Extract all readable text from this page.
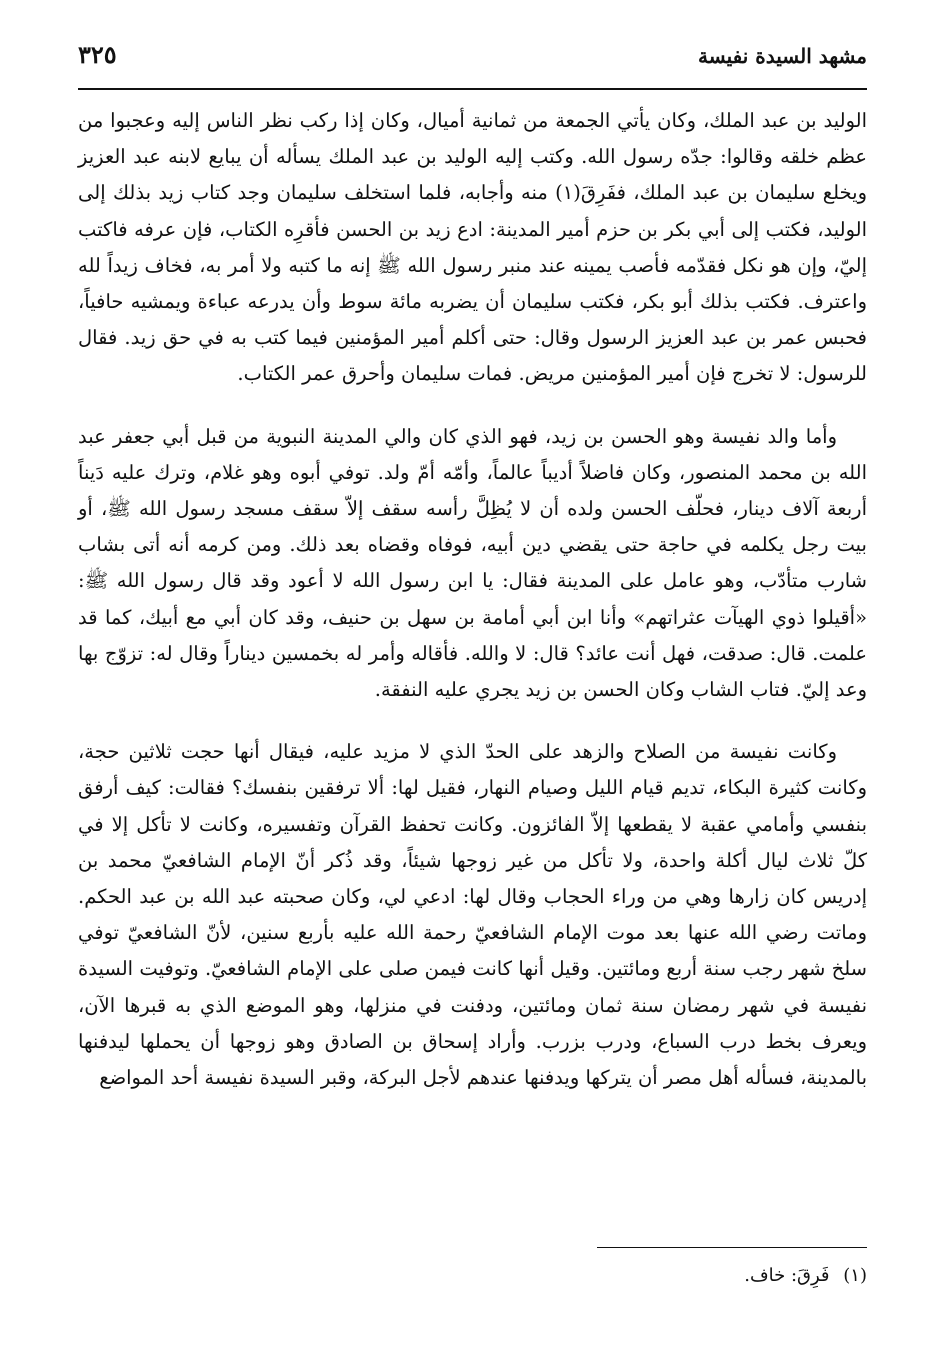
مشهد السيدة نفيسة
٣٢٥

الوليد بن عبد الملك، وكان يأتي الجمعة من ثمانية أميال، وكان إذا ركب نظر الناس إليه وعجبوا من عظم خلقه وقالوا: جدّه رسول الله. وكتب إليه الوليد بن عبد الملك يسأله أن يبايع لابنه عبد العزيز ويخلع سليمان بن عبد الملك، ففَرِقَ(١) منه وأجابه، فلما استخلف سليمان وجد كتاب زيد بذلك إلى الوليد، فكتب إلى أبي بكر بن حزم أمير المدينة: ادع زيد بن الحسن فأقرِه الكتاب، فإن عرفه فاكتب إليّ، وإن هو نكل فقدّمه فأصب يمينه عند منبر رسول الله ﷺ إنه ما كتبه ولا أمر به، فخاف زيداً لله واعترف. فكتب بذلك أبو بكر، فكتب سليمان أن يضربه مائة سوط وأن يدرعه عباءة ويمشيه حافياً، فحبس عمر بن عبد العزيز الرسول وقال: حتى أكلم أمير المؤمنين فيما كتب به في حق زيد. فقال للرسول: لا تخرج فإن أمير المؤمنين مريض. فمات سليمان وأحرق عمر الكتاب.

وأما والد نفيسة وهو الحسن بن زيد، فهو الذي كان والي المدينة النبوية من قبل أبي جعفر عبد الله بن محمد المنصور، وكان فاضلاً أديباً عالماً، وأمّه أمّ ولد. توفي أبوه وهو غلام، وترك عليه دَيناً أربعة آلاف دينار، فحلّف الحسن ولده أن لا يُظِلَّ رأسه سقف إلاّ سقف مسجد رسول الله ﷺ، أو بيت رجل يكلمه في حاجة حتى يقضي دين أبيه، فوفاه وقضاه بعد ذلك. ومن كرمه أنه أتى بشاب شارب متأدّب، وهو عامل على المدينة فقال: يا ابن رسول الله لا أعود وقد قال رسول الله ﷺ: «أقيلوا ذوي الهيآت عثراتهم» وأنا ابن أبي أمامة بن سهل بن حنيف، وقد كان أبي مع أبيك، كما قد علمت. قال: صدقت، فهل أنت عائد؟ قال: لا والله. فأقاله وأمر له بخمسين ديناراً وقال له: تزوّج بها وعد إليّ. فتاب الشاب وكان الحسن بن زيد يجري عليه النفقة.

وكانت نفيسة من الصلاح والزهد على الحدّ الذي لا مزيد عليه، فيقال أنها حجت ثلاثين حجة، وكانت كثيرة البكاء، تديم قيام الليل وصيام النهار، فقيل لها: ألا ترفقين بنفسك؟ فقالت: كيف أرفق بنفسي وأمامي عقبة لا يقطعها إلاّ الفائزون. وكانت تحفظ القرآن وتفسيره، وكانت لا تأكل إلا في كلّ ثلاث ليال أكلة واحدة، ولا تأكل من غير زوجها شيئاً، وقد ذُكر أنّ الإمام الشافعيّ محمد بن إدريس كان زارها وهي من وراء الحجاب وقال لها: ادعي لي، وكان صحبته عبد الله بن عبد الحكم. وماتت رضي الله عنها بعد موت الإمام الشافعيّ رحمة الله عليه بأربع سنين، لأنّ الشافعيّ توفي سلخ شهر رجب سنة أربع ومائتين. وقيل أنها كانت فيمن صلى على الإمام الشافعيّ. وتوفيت السيدة نفيسة في شهر رمضان سنة ثمان ومائتين، ودفنت في منزلها، وهو الموضع الذي به قبرها الآن، ويعرف بخط درب السباع، ودرب بزرب. وأراد إسحاق بن الصادق وهو زوجها أن يحملها ليدفنها بالمدينة، فسأله أهل مصر أن يتركها ويدفنها عندهم لأجل البركة، وقبر السيدة نفيسة أحد المواضع

(١) فَرِقَ: خاف.
